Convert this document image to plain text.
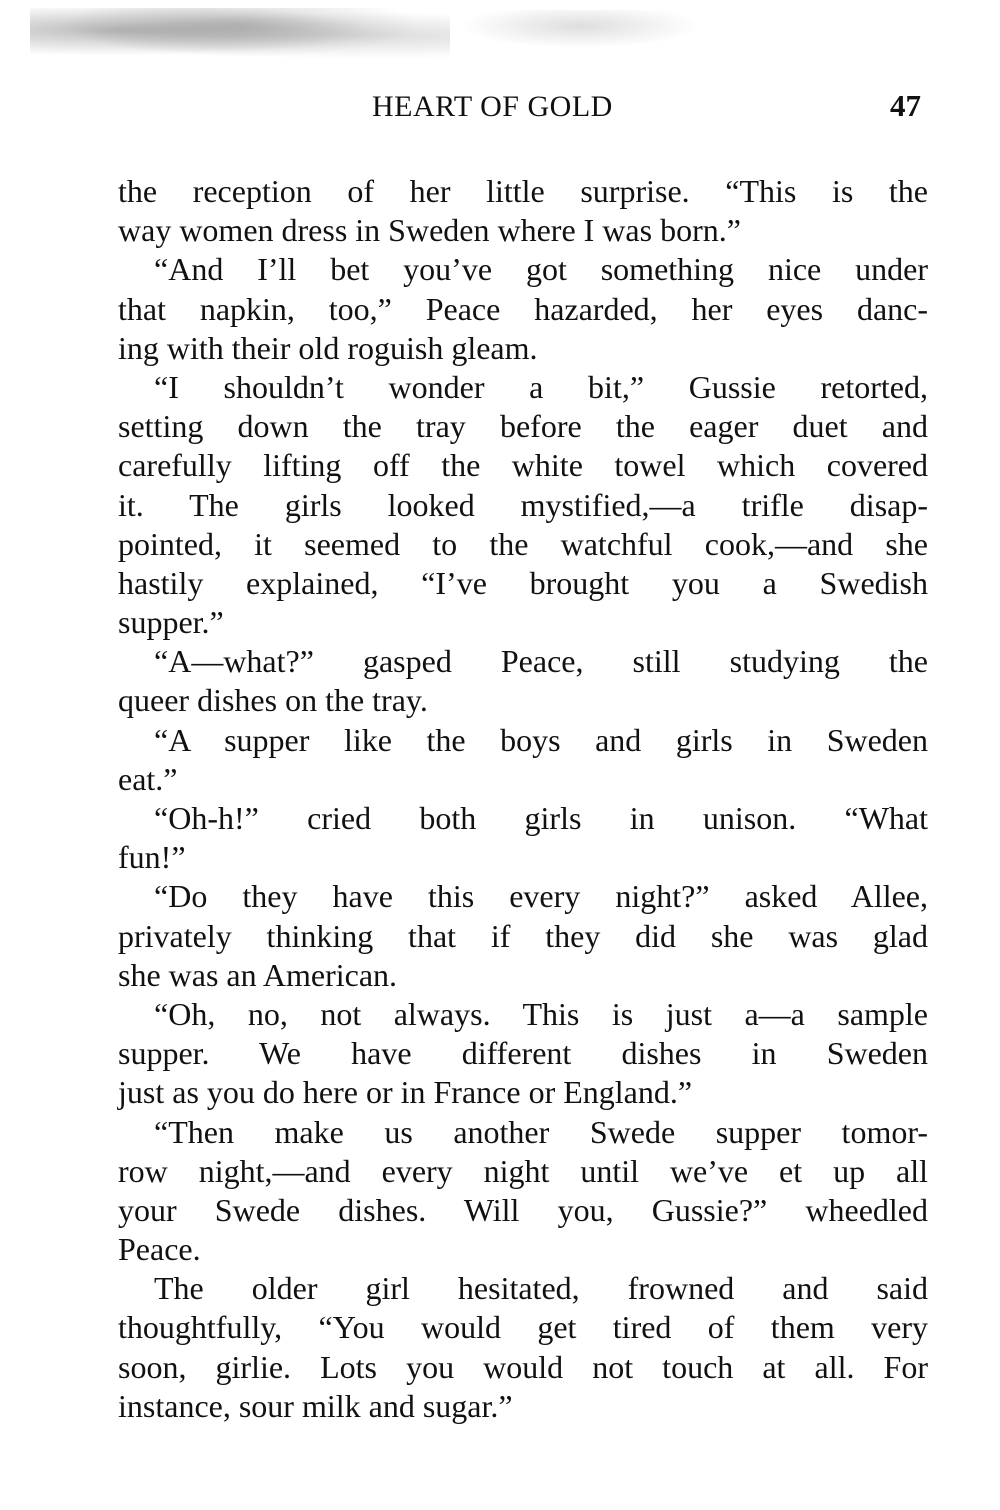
HEART OF GOLD	47
the reception of her little surprise. “This is the
way women dress in Sweden where I was born.”
“And I’ll bet you’ve got something nice under
that napkin, too,” Peace hazarded, her eyes danc-
ing with their old roguish gleam.
“I shouldn’t wonder a bit,” Gussie retorted,
setting down the tray before the eager duet and
carefully lifting off the white towel which covered
it. The girls looked mystified,—a trifle disap-
pointed, it seemed to the watchful cook,—and she
hastily explained, “I’ve brought you a Swedish
supper.”
“A—what?” gasped Peace, still studying the
queer dishes on the tray.
“A supper like the boys and girls in Sweden
eat.”
“Oh-h!” cried both girls in unison. “What
fun!”
“Do they have this every night?” asked Allee,
privately thinking that if they did she was glad
she was an American.
“Oh, no, not always. This is just a—a sample
supper. We have different dishes in Sweden
just as you do here or in France or England.”
“Then make us another Swede supper tomor-
row night,—and every night until we’ve et up all
your Swede dishes. Will you, Gussie?” wheedled
Peace.
The older girl hesitated, frowned and said
thoughtfully, “You would get tired of them very
soon, girlie. Lots you would not touch at all. For
instance, sour milk and sugar.”
